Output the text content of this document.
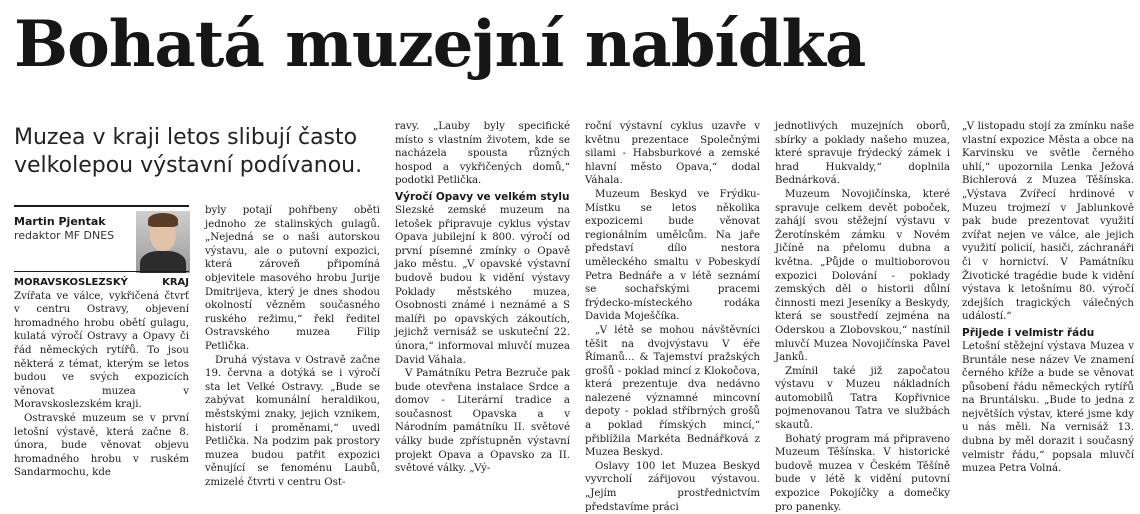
Bohatá muzejní nabídka
Muzea v kraji letos slibují často velkolepou výstavní podívanou.
Martin Pjentak
redaktor MF DNES

MORAVSKOSLEZSKÝ KRAJ Zvířata ve válce, vykřičená čtvrť v centru Ostravy, objevení hromadného hrobu obětí gulagu, kulatá výročí Ostravy a Opavy či řád německých rytířů. To jsou některá z témat, kterým se letos budou ve svých expozicích věnovat muzea v Moravskoslezském kraji.

Ostravské muzeum se v první letošní výstavě, která začne 8. února, bude věnovat objevu hromadného hrobu v ruském Sandarmochu, kde

byly potají pohřbeny oběti jednoho ze stalinských gulagů. „Nejedná se o naši autorskou výstavu, ale o putovní expozici, která zároveň připomíná objevitele masového hrobu Jurije Dmitrijeva, který je dnes shodou okolností vězněm současného ruského režimu,“ řekl ředitel Ostravského muzea Filip Petlička.

Druhá výstava v Ostravě začne 19. června a dotýká se i výročí sta let Velké Ostravy. „Bude se zabývat komunální heraldikou, městskými znaky, jejich vznikem, historií i proměnami,“ uvedl Petlička. Na podzim pak prostory muzea budou patřit expozici věnující se fenoménu Laubů, zmizelé čtvrti v centru Ost-

ravy. „Lauby byly specifické místo s vlastním životem, kde se nacházela spousta různých hospod a vykřičených domů,“ podotkl Petlička.

Výročí Opavy ve velkém stylu

Slezské zemské muzeum na letošek připravuje cyklus výstav Opava jubilejní k 800. výročí od první písemné zmínky o Opavě jako městu. „V opavské výstavní budově budou k vidění výstavy Poklady městského muzea, Osobnosti známé i neznámé a S malíři po opavských zákoutích, jejichž vernisáž se uskuteční 22. února,“ informoval mluvčí muzea David Váhala.

V Památníku Petra Bezruče pak bude otevřena instalace Srdce a domov - Literární tradice a současnost Opavska a v Národním památníku II. světové války bude zpřístupněn výstavní projekt Opava a Opavsko za II. světové války. „Vý-

roční výstavní cyklus uzavře v květnu prezentace Společnými silami - Habsburkové a zemské hlavní město Opava,“ dodal Váhala.

Muzeum Beskyd ve Frýdku-Místku se letos několika expozicemi bude věnovat regionálním umělcům. Na jaře představí dílo nestora uměleckého smaltu v Pobeskydí Petra Bednáře a v létě seznámí se sochařskými pracemi frýdecko-místeckého rodáka Davida Moješčíka.

„V létě se mohou návštěvníci těšit na dvojvýstavu V éře Římanů... & Tajemství pražských grošů - poklad mincí z Klokočova, která prezentuje dva nedávno nalezené významné mincovní depoty - poklad stříbrných grošů a poklad římských mincí,“ přiblížila Markéta Bednářková z Muzea Beskyd.

Oslavy 100 let Muzea Beskyd vyvrcholí zářijovou výstavou. „Jejím prostřednictvím představíme práci

jednotlivých muzejních oborů, sbírky a poklady našeho muzea, které spravuje frýdecký zámek i hrad Hukvaldy,“ doplnila Bednárková.

Muzeum Novojičínska, které spravuje celkem devět poboček, zahájí svou stěžejní výstavu v Žerotínském zámku v Novém Jičíně na přelomu dubna a května. „Půjde o multioborovou expozici Dolování - poklady zemských děl o historii důlní činnosti mezi Jeseníky a Beskydy, která se soustředí zejména na Oderskou a Zlobovskou,“ nastínil mluvčí Muzea Novojičínska Pavel Janků.

Zmínil také již započatou výstavu v Muzeu nákladních automobilů Tatra Kopřivnice pojmenovanou Tatra ve službách skautů.

Bohatý program má připraveno Muzeum Těšínska. V historické budově muzea v Českém Těšíně bude v létě k vidění putovní expozice Pokojíčky a domečky pro panenky.

„V listopadu stojí za zmínku naše vlastní expozice Města a obce na Karvinsku ve světle černého uhlí,“ upozornila Lenka Ježová Bichlerová z Muzea Těšínska. „Výstava Zvířecí hrdinové v Muzeu trojmezí v Jablunkově pak bude prezentovat využití zvířat nejen ve válce, ale jejich využití policií, hasiči, záchranáři či v hornictví. V Památníku Životické tragédie bude k vidění výstava k letošnímu 80. výročí zdejších tragických válečných událostí.“

Přijede i velmistr řádu

Letošní stěžejní výstava Muzea v Bruntále nese název Ve znamení černého kříže a bude se věnovat působení řádu německých rytířů na Bruntálsku. „Bude to jedna z největších výstav, které jsme kdy u nás měli. Na vernisáž 13. dubna by měl dorazit i současný velmistr řádu,“ popsala mluvčí muzea Petra Volná.
